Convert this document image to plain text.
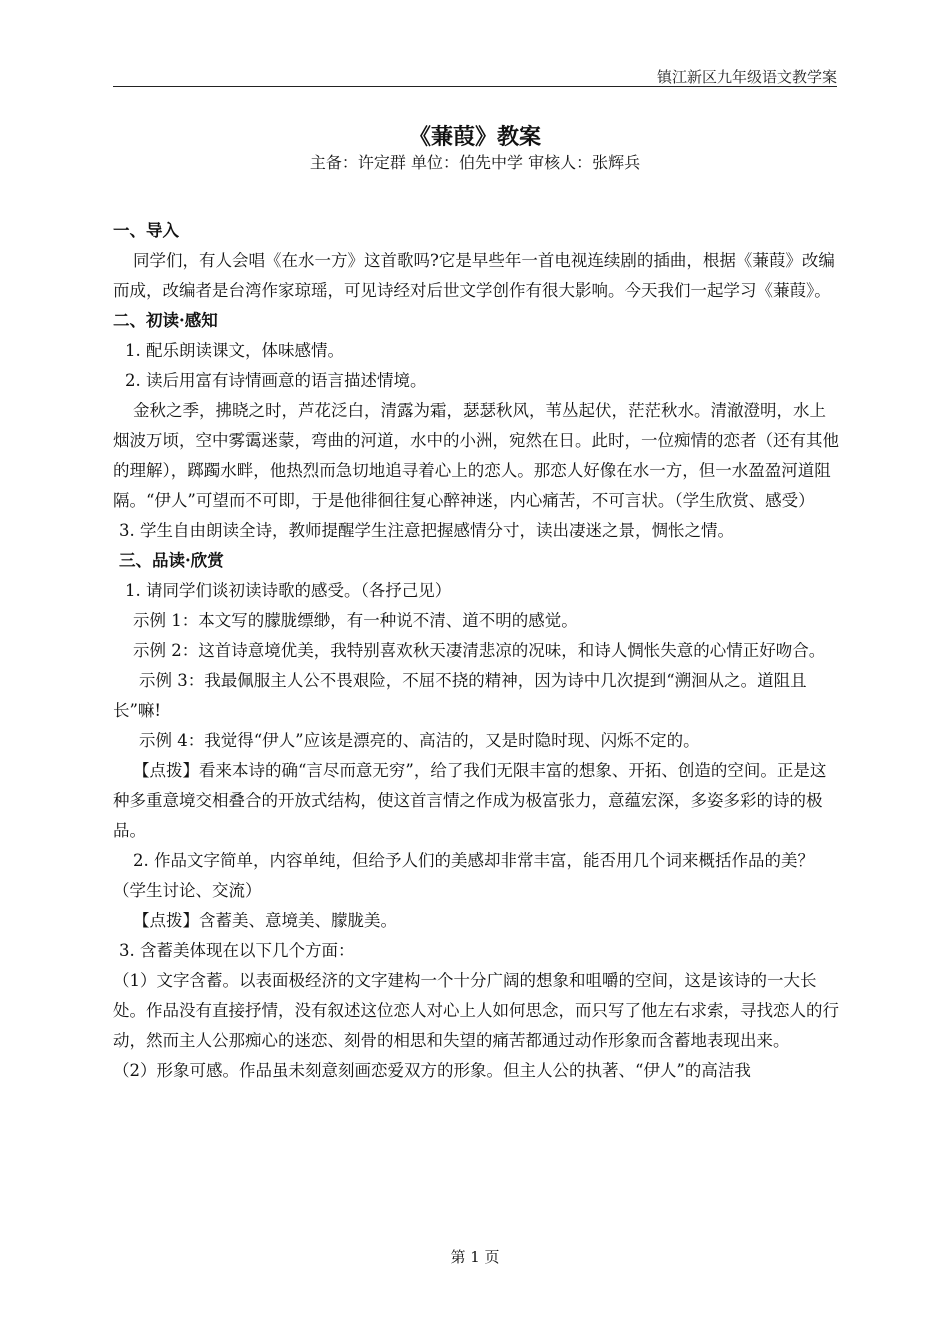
镇江新区九年级语文教学案
《蒹葭》教案
主备：许定群 单位：伯先中学 审核人：张辉兵

一、导入

同学们，有人会唱《在水一方》这首歌吗?它是早些年一首电视连续剧的插曲，根据《蒹葭》改编而成，改编者是台湾作家琼瑶，可见诗经对后世文学创作有很大影响。今天我们一起学习《蒹葭》。

二、初读·感知

1. 配乐朗读课文，体味感情。

2. 读后用富有诗情画意的语言描述情境。

金秋之季，拂晓之时，芦花泛白，清露为霜，瑟瑟秋风，苇丛起伏，茫茫秋水。清澈澄明，水上烟波万顷，空中雾霭迷蒙，弯曲的河道，水中的小洲，宛然在日。此时，一位痴情的恋者（还有其他的理解），踯躅水畔，他热烈而急切地追寻着心上的恋人。那恋人好像在水一方，但一水盈盈河道阻隔。“伊人”可望而不可即，于是他徘徊往复心醉神迷，内心痛苦，不可言状。（学生欣赏、感受）

3. 学生自由朗读全诗，教师提醒学生注意把握感情分寸，读出凄迷之景，惆怅之情。

三、品读·欣赏

1. 请同学们谈初读诗歌的感受。（各抒己见）

示例 1：本文写的朦胧缥缈，有一种说不清、道不明的感觉。

示例 2：这首诗意境优美，我特别喜欢秋天凄清悲凉的况味，和诗人惆怅失意的心情正好吻合。

示例 3：我最佩服主人公不畏艰险，不屈不挠的精神，因为诗中几次提到“溯洄从之。道阻且长”嘛!

示例 4：我觉得“伊人”应该是漂亮的、高洁的，又是时隐时现、闪烁不定的。

【点拨】看来本诗的确“言尽而意无穷”，给了我们无限丰富的想象、开拓、创造的空间。正是这种多重意境交相叠合的开放式结构，使这首言情之作成为极富张力，意蕴宏深，多姿多彩的诗的极品。

2. 作品文字简单，内容单纯，但给予人们的美感却非常丰富，能否用几个词来概括作品的美？（学生讨论、交流）

【点拨】含蓄美、意境美、朦胧美。

3. 含蓄美体现在以下几个方面：

（1）文字含蓄。以表面极经济的文字建构一个十分广阔的想象和咀嚼的空间，这是该诗的一大长处。作品没有直接抒情，没有叙述这位恋人对心上人如何思念，而只写了他左右求索，寻找恋人的行动，然而主人公那痴心的迷恋、刻骨的相思和失望的痛苦都通过动作形象而含蓄地表现出来。

（2）形象可感。作品虽未刻意刻画恋爱双方的形象。但主人公的执著、“伊人”的高洁我

第 1 页
